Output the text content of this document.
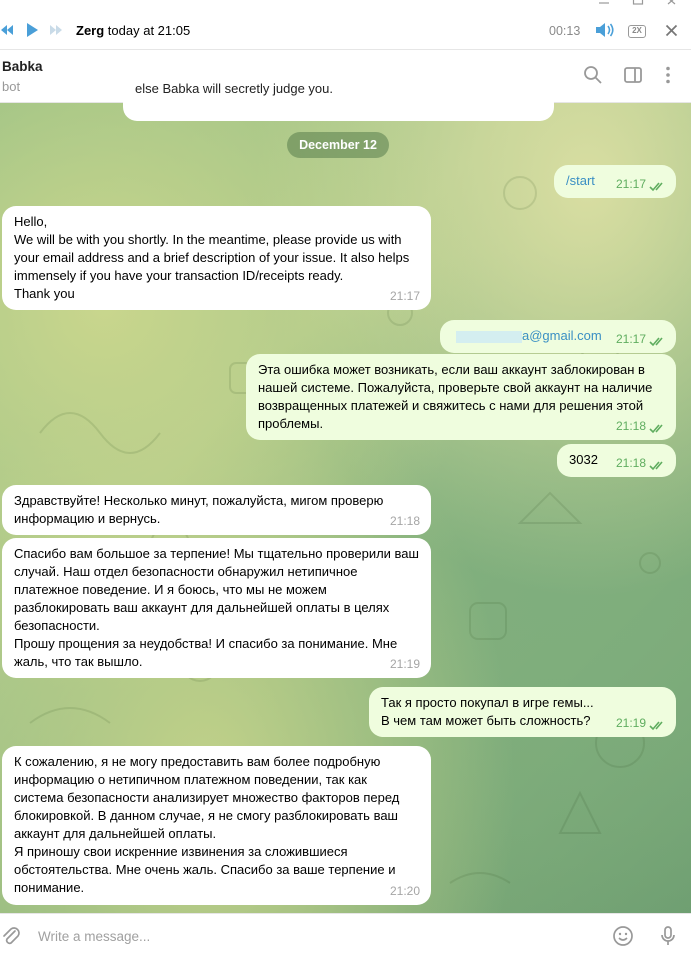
Zerg today at 21:05	00:13	2X
Babka
bot	else Babka will secretly judge you.
December 12
/start 21:17
Hello,
We will be with you shortly. In the meantime, please provide us with your email address and a brief description of your issue. It also helps immensely if you have your transaction ID/receipts ready.
Thank you	21:17
a@gmail.com 21:17
Эта ошибка может возникать, если ваш аккаунт заблокирован в нашей системе. Пожалуйста, проверьте свой аккаунт на наличие возвращенных платежей и свяжитесь с нами для решения этой проблемы.	21:18
3032 21:18
Здравствуйте! Несколько минут, пожалуйста, мигом проверю информацию и вернусь.	21:18
Спасибо вам большое за терпение! Мы тщательно проверили ваш случай. Наш отдел безопасности обнаружил нетипичное платежное поведение. И я боюсь, что мы не можем разблокировать ваш аккаунт для дальнейшей оплаты в целях безопасности.
Прошу прощения за неудобства! И спасибо за понимание. Мне жаль, что так вышло.	21:19
Так я просто покупал в игре гемы...
В чем там может быть сложность?	21:19
К сожалению, я не могу предоставить вам более подробную информацию о нетипичном платежном поведении, так как система безопасности анализирует множество факторов перед блокировкой. В данном случае, я не смогу разблокировать ваш аккаунт для дальнейшей оплаты.
Я приношу свои искренние извинения за сложившиеся обстоятельства. Мне очень жаль. Спасибо за ваше терпение и понимание.	21:20
Write a message...
